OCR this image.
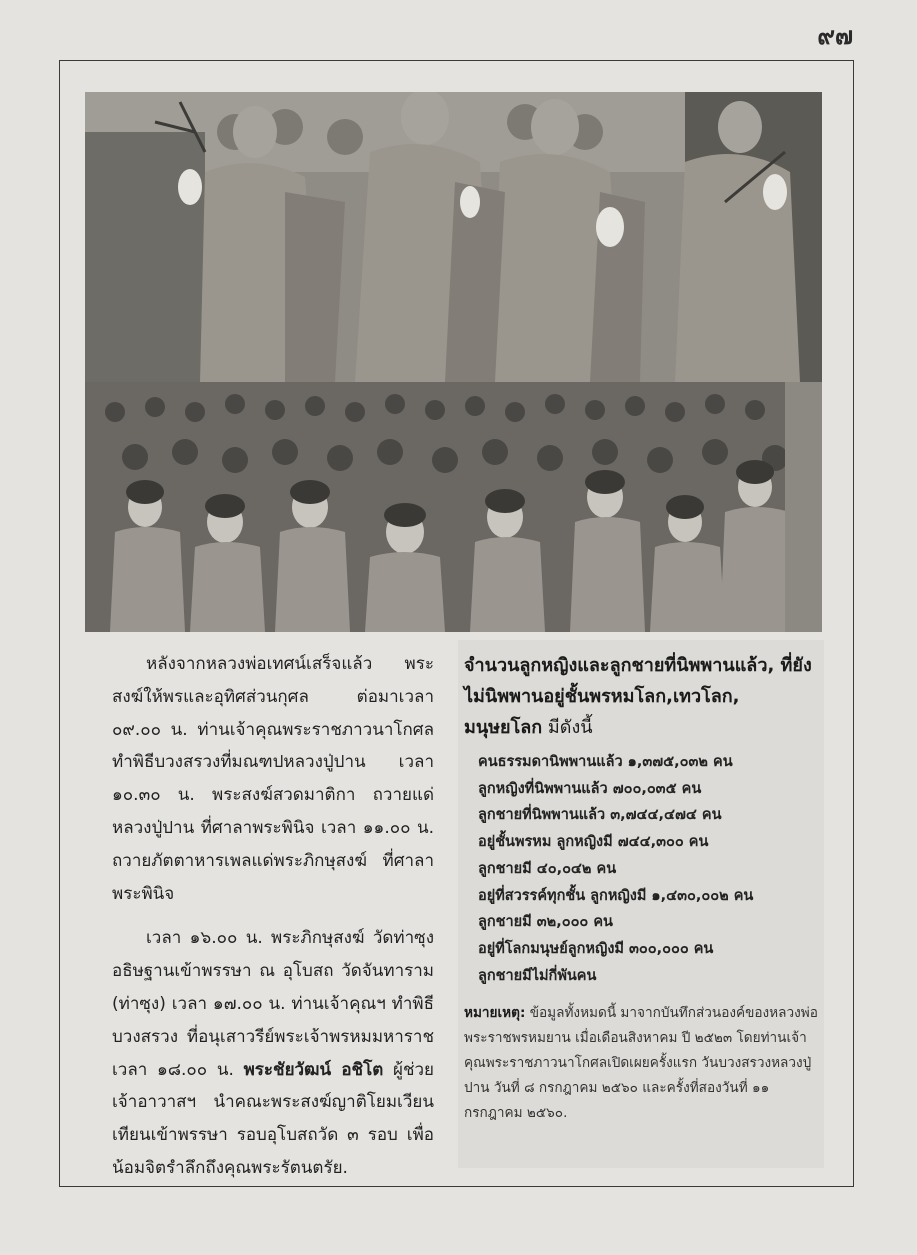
๙๗

หลังจากหลวงพ่อเทศน์เสร็จแล้ว พระสงฆ์ให้พรและอุทิศส่วนกุศล ต่อมาเวลา ๐๙.๐๐ น. ท่านเจ้าคุณพระราชภาวนาโกศล ทำพิธีบวงสรวงที่มณฑปหลวงปู่ปาน เวลา ๑๐.๓๐ น. พระสงฆ์สวดมาติกา ถวายแด่หลวงปู่ปาน ที่ศาลาพระพินิจ เวลา ๑๑.๐๐ น. ถวายภัตตาหารเพลแด่พระภิกษุสงฆ์ ที่ศาลาพระพินิจ

เวลา ๑๖.๐๐ น. พระภิกษุสงฆ์ วัดท่าซุงอธิษฐานเข้าพรรษา ณ อุโบสถ วัดจันทาราม (ท่าซุง) เวลา ๑๗.๐๐ น. ท่านเจ้าคุณฯ ทำพิธีบวงสรวง ที่อนุเสาวรีย์พระเจ้าพรหมมหาราช เวลา ๑๘.๐๐ น. พระชัยวัฒน์ อชิโต ผู้ช่วยเจ้าอาวาสฯ นำคณะพระสงฆ์ญาติโยมเวียนเทียนเข้าพรรษา รอบอุโบสถวัด ๓ รอบ เพื่อน้อมจิตรำลึกถึงคุณพระรัตนตรัย.

จำนวนลูกหญิงและลูกชายที่นิพพานแล้ว, ที่ยังไม่นิพพานอยู่ชั้นพรหมโลก,เทวโลก, มนุษยโลก มีดังนี้
คนธรรมดานิพพานแล้ว ๑,๓๗๕,๐๓๒ คน
ลูกหญิงที่นิพพานแล้ว ๗๐๐,๐๓๕ คน
ลูกชายที่นิพพานแล้ว ๓,๗๔๔,๔๗๔ คน
อยู่ชั้นพรหม ลูกหญิงมี ๗๔๔,๓๐๐ คน
ลูกชายมี ๔๐,๐๔๒ คน
อยู่ที่สวรรค์ทุกชั้น ลูกหญิงมี ๑,๔๓๐,๐๐๒ คน
ลูกชายมี ๓๒,๐๐๐ คน
อยู่ที่โลกมนุษย์ลูกหญิงมี ๓๐๐,๐๐๐ คน
ลูกชายมีไม่กี่พันคน
หมายเหตุ: ข้อมูลทั้งหมดนี้ มาจากบันทึกส่วนองค์ของหลวงพ่อพระราชพรหมยาน เมื่อเดือนสิงหาคม ปี ๒๕๒๓ โดยท่านเจ้าคุณพระราชภาวนาโกศลเปิดเผยครั้งแรก วันบวงสรวงหลวงปู่ปาน วันที่ ๘ กรกฎาคม ๒๕๖๐ และครั้งที่สองวันที่ ๑๑ กรกฎาคม ๒๕๖๐.
